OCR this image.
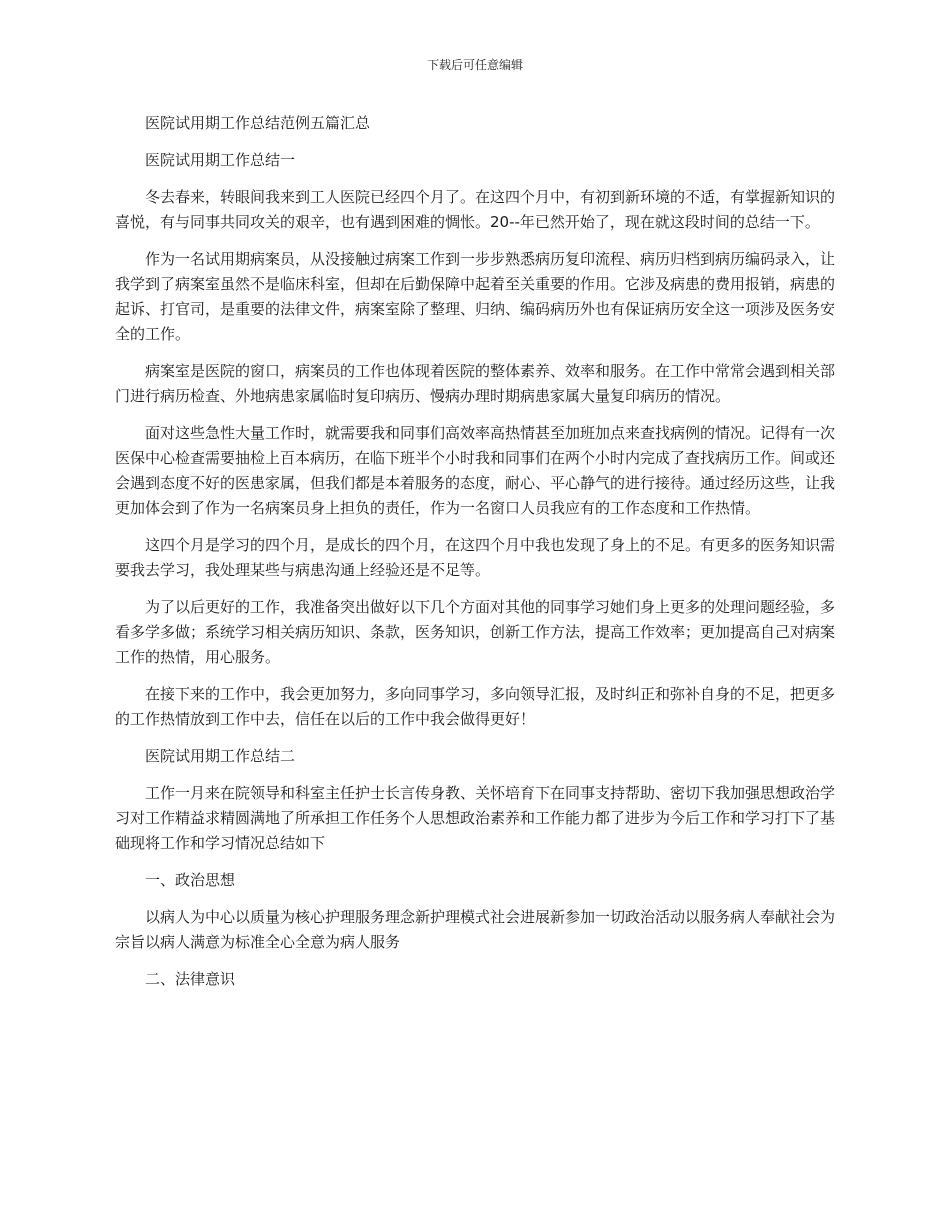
下载后可任意编辑

医院试用期工作总结范例五篇汇总

医院试用期工作总结一

冬去春来，转眼间我来到工人医院已经四个月了。在这四个月中，有初到新环境的不适，有掌握新知识的喜悦，有与同事共同攻关的艰辛，也有遇到困难的惆怅。20--年已然开始了，现在就这段时间的总结一下。

作为一名试用期病案员，从没接触过病案工作到一步步熟悉病历复印流程、病历归档到病历编码录入，让我学到了病案室虽然不是临床科室，但却在后勤保障中起着至关重要的作用。它涉及病患的费用报销，病患的起诉、打官司，是重要的法律文件，病案室除了整理、归纳、编码病历外也有保证病历安全这一项涉及医务安全的工作。

病案室是医院的窗口，病案员的工作也体现着医院的整体素养、效率和服务。在工作中常常会遇到相关部门进行病历检查、外地病患家属临时复印病历、慢病办理时期病患家属大量复印病历的情况。

面对这些急性大量工作时，就需要我和同事们高效率高热情甚至加班加点来查找病例的情况。记得有一次医保中心检查需要抽检上百本病历，在临下班半个小时我和同事们在两个小时内完成了查找病历工作。间或还会遇到态度不好的医患家属，但我们都是本着服务的态度，耐心、平心静气的进行接待。通过经历这些，让我更加体会到了作为一名病案员身上担负的责任，作为一名窗口人员我应有的工作态度和工作热情。

这四个月是学习的四个月，是成长的四个月，在这四个月中我也发现了身上的不足。有更多的医务知识需要我去学习，我处理某些与病患沟通上经验还是不足等。

为了以后更好的工作，我准备突出做好以下几个方面对其他的同事学习她们身上更多的处理问题经验，多看多学多做；系统学习相关病历知识、条款，医务知识，创新工作方法，提高工作效率；更加提高自己对病案工作的热情，用心服务。

在接下来的工作中，我会更加努力，多向同事学习，多向领导汇报，及时纠正和弥补自身的不足，把更多的工作热情放到工作中去，信任在以后的工作中我会做得更好！

医院试用期工作总结二

工作一月来在院领导和科室主任护士长言传身教、关怀培育下在同事支持帮助、密切下我加强思想政治学习对工作精益求精圆满地了所承担工作任务个人思想政治素养和工作能力都了进步为今后工作和学习打下了基础现将工作和学习情况总结如下

一、政治思想

以病人为中心以质量为核心护理服务理念新护理模式社会进展新参加一切政治活动以服务病人奉献社会为宗旨以病人满意为标准全心全意为病人服务

二、法律意识
